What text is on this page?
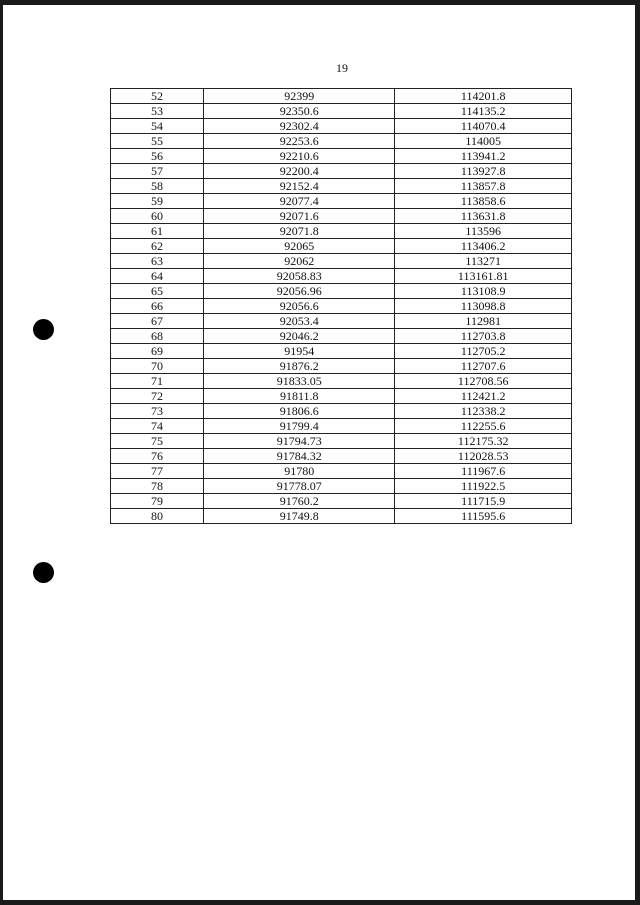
19
52	92399	114201.8
53	92350.6	114135.2
54	92302.4	114070.4
55	92253.6	114005
56	92210.6	113941.2
57	92200.4	113927.8
58	92152.4	113857.8
59	92077.4	113858.6
60	92071.6	113631.8
61	92071.8	113596
62	92065	113406.2
63	92062	113271
64	92058.83	113161.81
65	92056.96	113108.9
66	92056.6	113098.8
67	92053.4	112981
68	92046.2	112703.8
69	91954	112705.2
70	91876.2	112707.6
71	91833.05	112708.56
72	91811.8	112421.2
73	91806.6	112338.2
74	91799.4	112255.6
75	91794.73	112175.32
76	91784.32	112028.53
77	91780	111967.6
78	91778.07	111922.5
79	91760.2	111715.9
80	91749.8	111595.6
